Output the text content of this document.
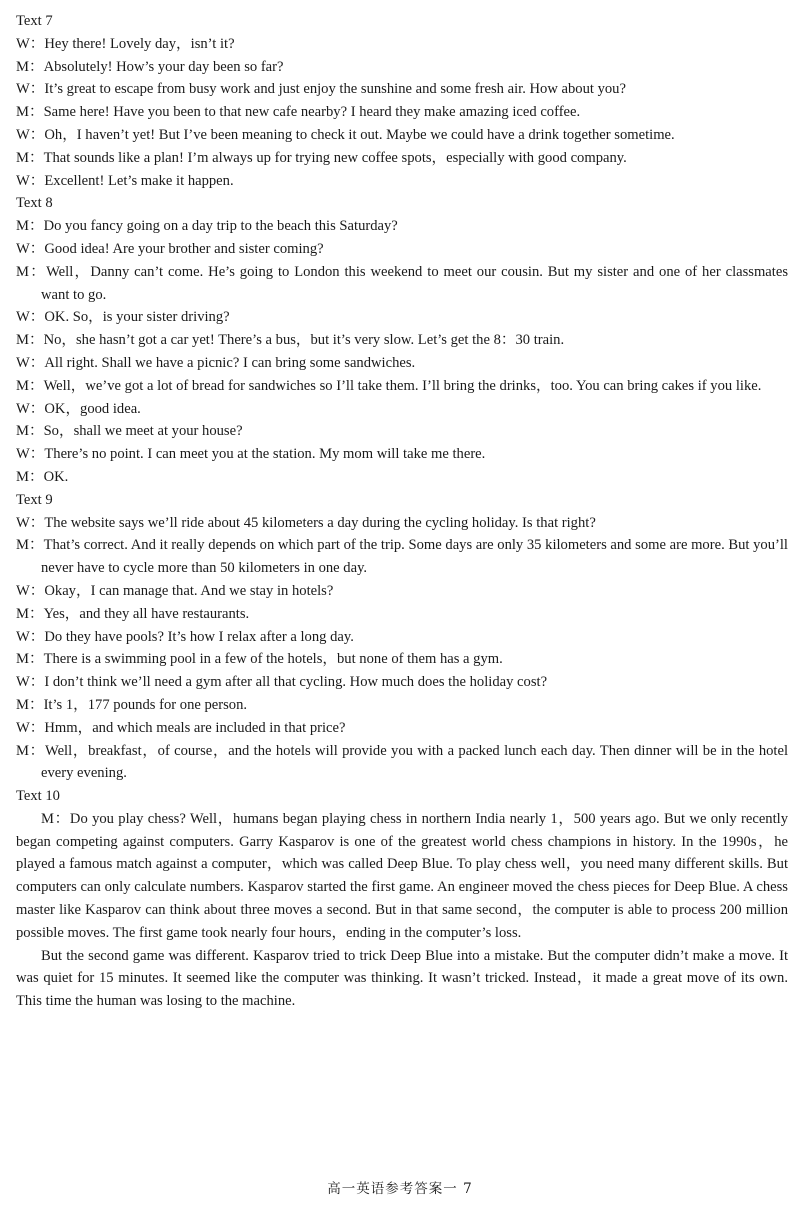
Text 7

W：Hey there! Lovely day，isn’t it?

M：Absolutely! How’s your day been so far?

W：It’s great to escape from busy work and just enjoy the sunshine and some fresh air. How about you?

M：Same here! Have you been to that new cafe nearby? I heard they make amazing iced coffee.

W：Oh，I haven’t yet! But I’ve been meaning to check it out. Maybe we could have a drink together sometime.

M：That sounds like a plan! I’m always up for trying new coffee spots，especially with good company.

W：Excellent! Let’s make it happen.

Text 8

M：Do you fancy going on a day trip to the beach this Saturday?

W：Good idea! Are your brother and sister coming?

M：Well，Danny can’t come. He’s going to London this weekend to meet our cousin. But my sister and one of her classmates want to go.

W：OK. So，is your sister driving?

M：No，she hasn’t got a car yet! There’s a bus，but it’s very slow. Let’s get the 8：30 train.

W：All right. Shall we have a picnic? I can bring some sandwiches.

M：Well，we’ve got a lot of bread for sandwiches so I’ll take them. I’ll bring the drinks，too. You can bring cakes if you like.

W：OK，good idea.

M：So，shall we meet at your house?

W：There’s no point. I can meet you at the station. My mom will take me there.

M：OK.

Text 9

W：The website says we’ll ride about 45 kilometers a day during the cycling holiday. Is that right?

M：That’s correct. And it really depends on which part of the trip. Some days are only 35 kilometers and some are more. But you’ll never have to cycle more than 50 kilometers in one day.

W：Okay，I can manage that. And we stay in hotels?

M：Yes，and they all have restaurants.

W：Do they have pools? It’s how I relax after a long day.

M：There is a swimming pool in a few of the hotels，but none of them has a gym.

W：I don’t think we’ll need a gym after all that cycling. How much does the holiday cost?

M：It’s 1，177 pounds for one person.

W：Hmm，and which meals are included in that price?

M：Well，breakfast，of course，and the hotels will provide you with a packed lunch each day. Then dinner will be in the hotel every evening.

Text 10

M：Do you play chess? Well，humans began playing chess in northern India nearly 1，500 years ago. But we only recently began competing against computers. Garry Kasparov is one of the greatest world chess champions in history. In the 1990s，he played a famous match against a computer，which was called Deep Blue. To play chess well，you need many different skills. But computers can only calculate numbers. Kasparov started the first game. An engineer moved the chess pieces for Deep Blue. A chess master like Kasparov can think about three moves a second. But in that same second，the computer is able to process 200 million possible moves. The first game took nearly four hours，ending in the computer’s loss.

But the second game was different. Kasparov tried to trick Deep Blue into a mistake. But the computer didn’t make a move. It was quiet for 15 minutes. It seemed like the computer was thinking. It wasn’t tricked. Instead，it made a great move of its own. This time the human was losing to the machine.

高一英语参考答案一 7
